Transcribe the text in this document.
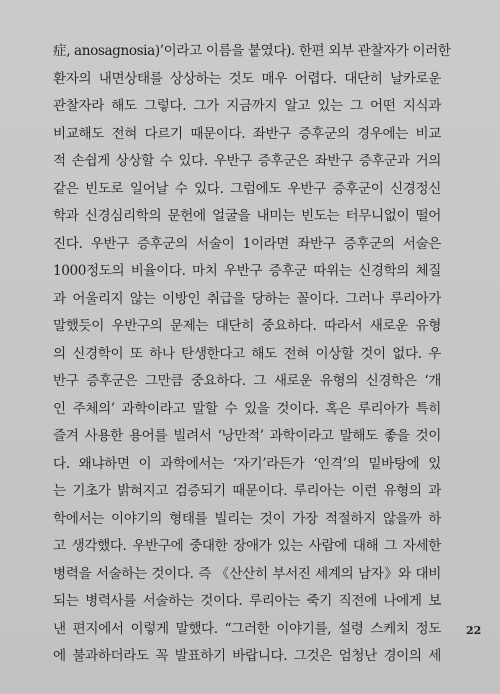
症, anosagnosia)’이라고 이름을 붙였다). 한편 외부 관찰자가 이러한
환자의 내면상태를 상상하는 것도 매우 어렵다. 대단히 날카로운
관찰자라 해도 그렇다. 그가 지금까지 알고 있는 그 어떤 지식과
비교해도 전혀 다르기 때문이다. 좌반구 증후군의 경우에는 비교
적 손쉽게 상상할 수 있다. 우반구 증후군은 좌반구 증후군과 거의
같은 빈도로 일어날 수 있다. 그럼에도 우반구 증후군이 신경정신
학과 신경심리학의 문헌에 얼굴을 내미는 빈도는 터무니없이 떨어
진다. 우반구 증후군의 서술이 1이라면 좌반구 증후군의 서술은
1000정도의 비율이다. 마치 우반구 증후군 따위는 신경학의 체질
과 어울리지 않는 이방인 취급을 당하는 꼴이다. 그러나 루리아가
말했듯이 우반구의 문제는 대단히 중요하다. 따라서 새로운 유형
의 신경학이 또 하나 탄생한다고 해도 전혀 이상할 것이 없다. 우
반구 증후군은 그만큼 중요하다. 그 새로운 유형의 신경학은 ‘개
인 주체의’ 과학이라고 말할 수 있을 것이다. 혹은 루리아가 특히
즐겨 사용한 용어를 빌려서 ‘낭만적’ 과학이라고 말해도 좋을 것이
다. 왜냐하면 이 과학에서는 ‘자기’라든가 ‘인격’의 밑바탕에 있
는 기초가 밝혀지고 검증되기 때문이다. 루리아는 이런 유형의 과
학에서는 이야기의 형태를 빌리는 것이 가장 적절하지 않을까 하
고 생각했다. 우반구에 중대한 장애가 있는 사람에 대해 그 자세한
병력을 서술하는 것이다. 즉 《산산히 부서진 세계의 남자》와 대비
되는 병력사를 서술하는 것이다. 루리아는 죽기 직전에 나에게 보
낸 편지에서 이렇게 말했다. “그러한 이야기를, 설령 스케치 정도
에 불과하더라도 꼭 발표하기 바랍니다. 그것은 엄청난 경이의 세
22
